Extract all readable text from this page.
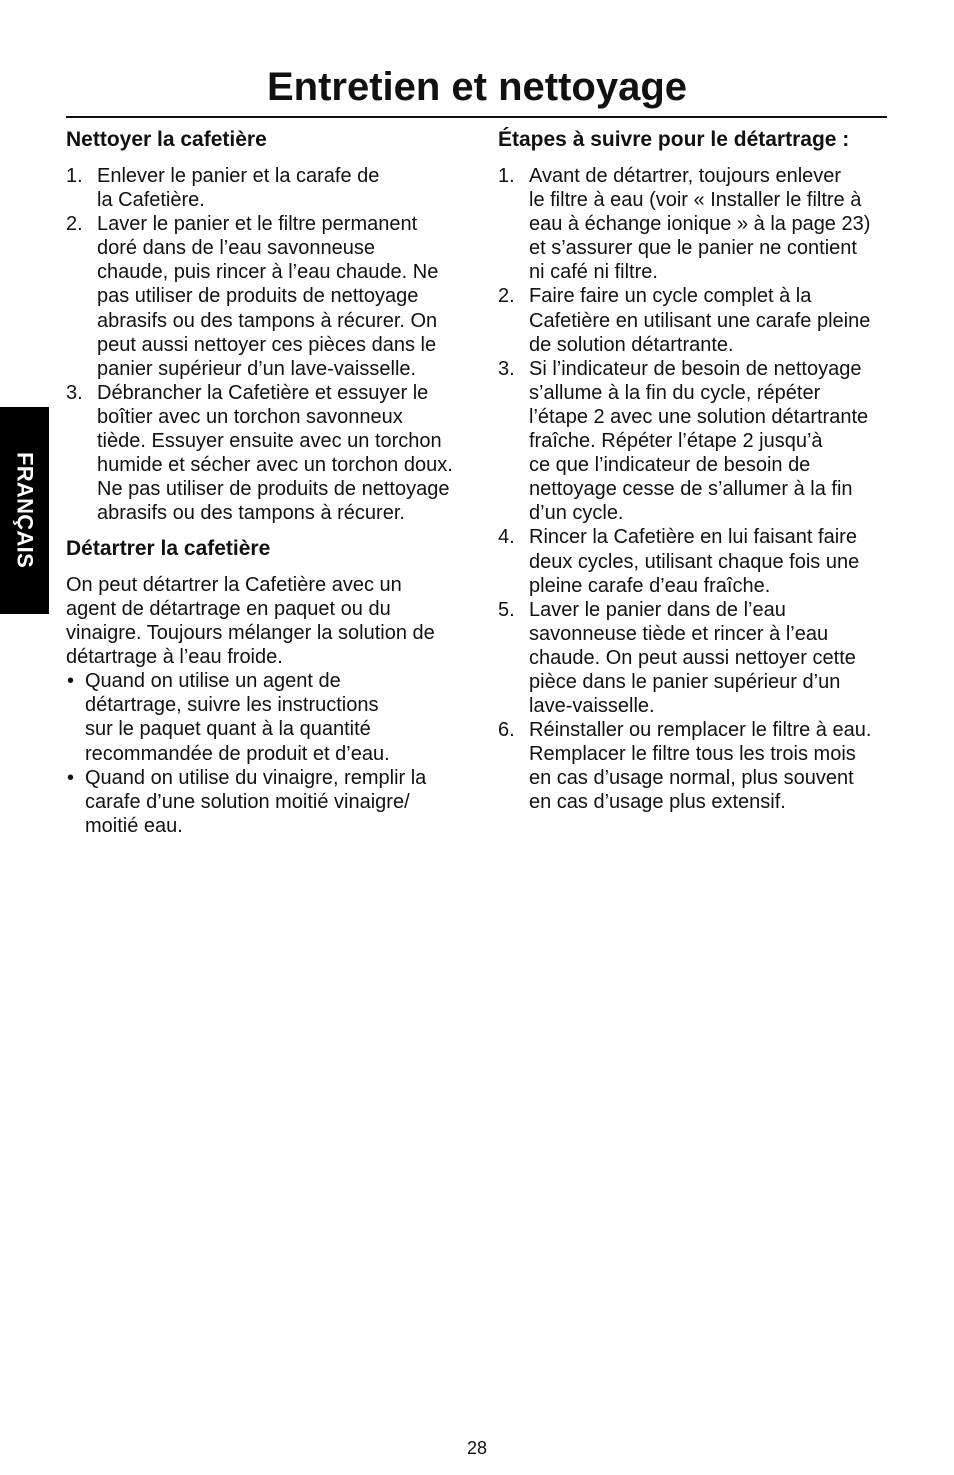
Entretien et nettoyage
FRANÇAIS
Nettoyer la cafetière
1. Enlever le panier et la carafe de
la Cafetière.
2. Laver le panier et le filtre permanent
doré dans de l’eau savonneuse
chaude, puis rincer à l’eau chaude. Ne
pas utiliser de produits de nettoyage
abrasifs ou des tampons à récurer. On
peut aussi nettoyer ces pièces dans le
panier supérieur d’un lave-vaisselle.
3. Débrancher la Cafetière et essuyer le
boîtier avec un torchon savonneux
tiède. Essuyer ensuite avec un torchon
humide et sécher avec un torchon doux.
Ne pas utiliser de produits de nettoyage
abrasifs ou des tampons à récurer.
Détartrer la cafetière

On peut détartrer la Cafetière avec un
agent de détartrage en paquet ou du
vinaigre. Toujours mélanger la solution de
détartrage à l’eau froide.

• Quand on utilise un agent de
détartrage, suivre les instructions
sur le paquet quant à la quantité
recommandée de produit et d’eau.
• Quand on utilise du vinaigre, remplir la
carafe d’une solution moitié vinaigre/
moitié eau.
Étapes à suivre pour le détartrage :
1. Avant de détartrer, toujours enlever
le filtre à eau (voir « Installer le filtre à
eau à échange ionique » à la page 23)
et s’assurer que le panier ne contient
ni café ni filtre.
2. Faire faire un cycle complet à la
Cafetière en utilisant une carafe pleine
de solution détartrante.
3. Si l’indicateur de besoin de nettoyage
s’allume à la fin du cycle, répéter
l’étape 2 avec une solution détartrante
fraîche. Répéter l’étape 2 jusqu’à
ce que l’indicateur de besoin de
nettoyage cesse de s’allumer à la fin
d’un cycle.
4. Rincer la Cafetière en lui faisant faire
deux cycles, utilisant chaque fois une
pleine carafe d’eau fraîche.
5. Laver le panier dans de l’eau
savonneuse tiède et rincer à l’eau
chaude. On peut aussi nettoyer cette
pièce dans le panier supérieur d’un
lave-vaisselle.
6. Réinstaller ou remplacer le filtre à eau.
Remplacer le filtre tous les trois mois
en cas d’usage normal, plus souvent
en cas d’usage plus extensif.
28
